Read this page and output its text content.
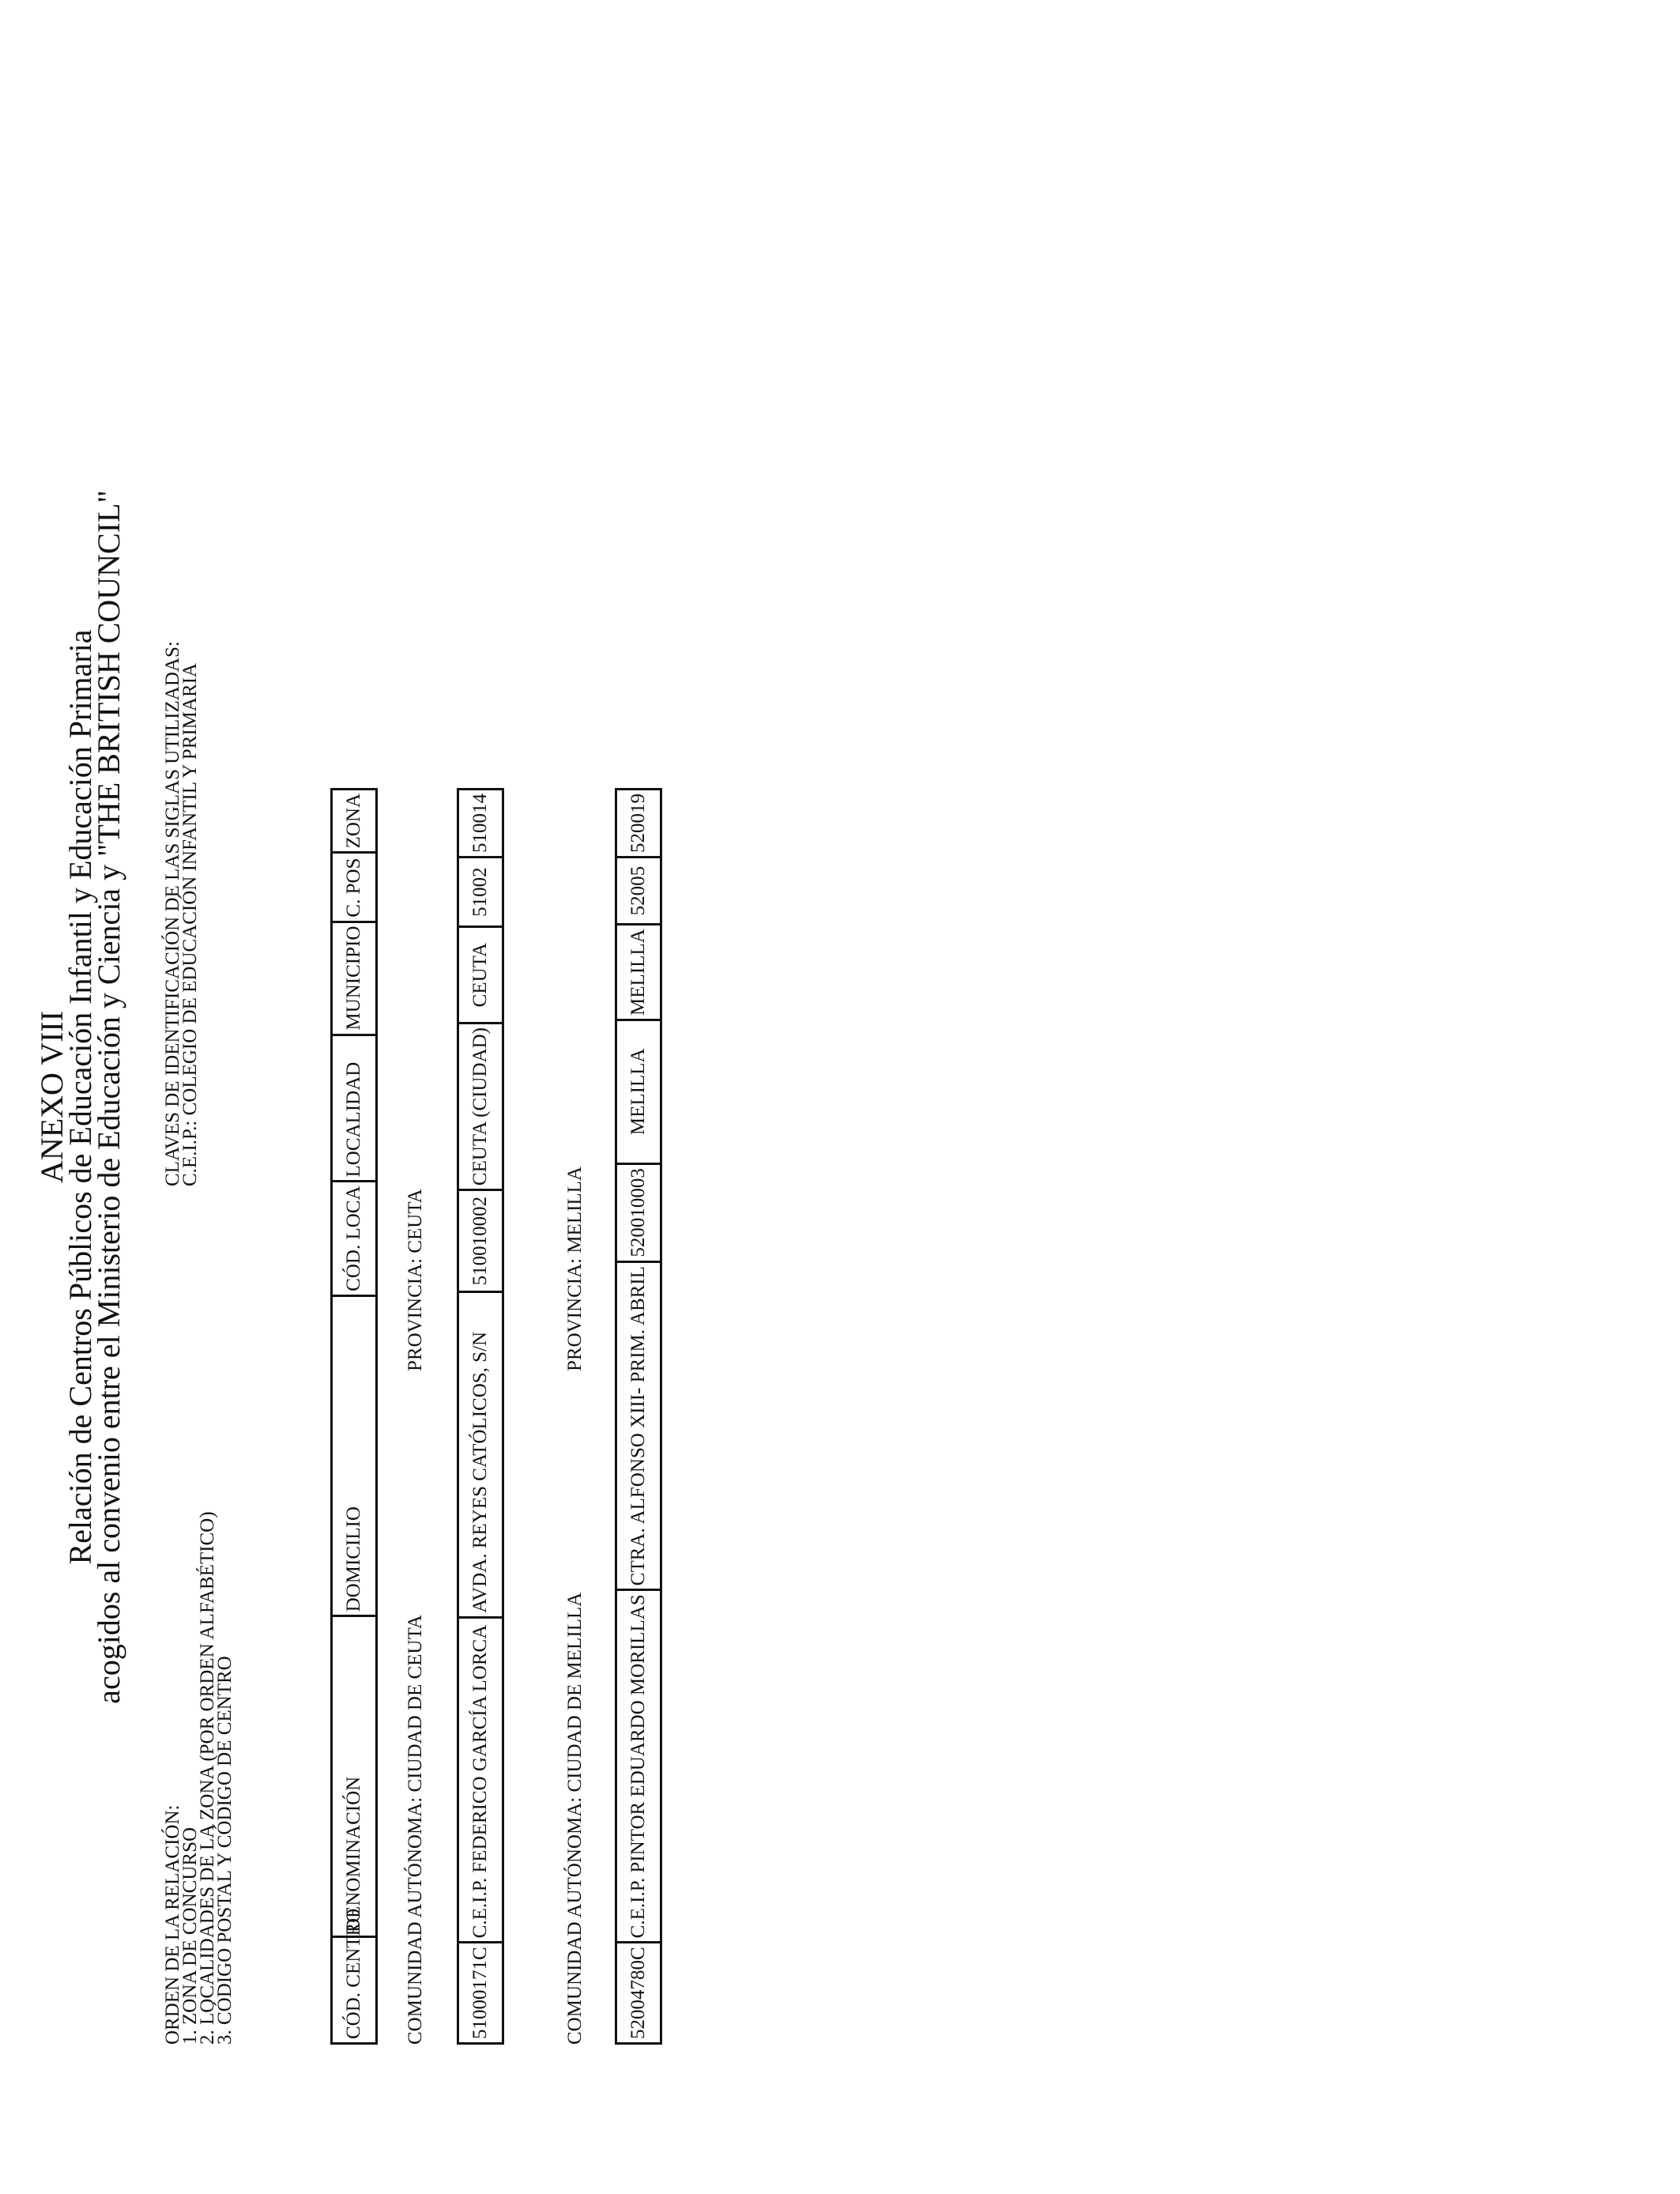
ANEXO VIII
Relación de Centros Públicos de Educación Infantil y Educación Primaria
acogidos al convenio entre el Ministerio de Educación y Ciencia y "THE BRITISH COUNCIL"
ORDEN DE LA RELACIÓN:
1. ZONA DE CONCURSO
2. LOCALIDADES DE LA ZONA (POR ORDEN ALFABÉTICO)
3. CÓDIGO POSTAL Y CÓDIGO DE CENTRO
CLAVES DE IDENTIFICACIÓN DE LAS SIGLAS UTILIZADAS:
C.E.I.P.: COLEGIO DE EDUCACIÓN INFANTIL Y PRIMARIA
CÓD. CENTRO
DENOMINACIÓN
DOMICILIO
CÓD. LOCA
LOCALIDAD
MUNICIPIO
C. POS
ZONA
COMUNIDAD AUTÓNOMA: CIUDAD DE CEUTA
PROVINCIA: CEUTA
51000171C
C.E.I.P. FEDERICO GARCÍA LORCA
AVDA. REYES CATÓLICOS, S/N
510010002
CEUTA (CIUDAD)
CEUTA
51002
510014
COMUNIDAD AUTÓNOMA: CIUDAD DE MELILLA
PROVINCIA: MELILLA
52004780C
C.E.I.P. PINTOR EDUARDO MORILLAS
CTRA. ALFONSO XIII- PRIM. ABRIL
520010003
MELILLA
MELILLA
52005
520019
